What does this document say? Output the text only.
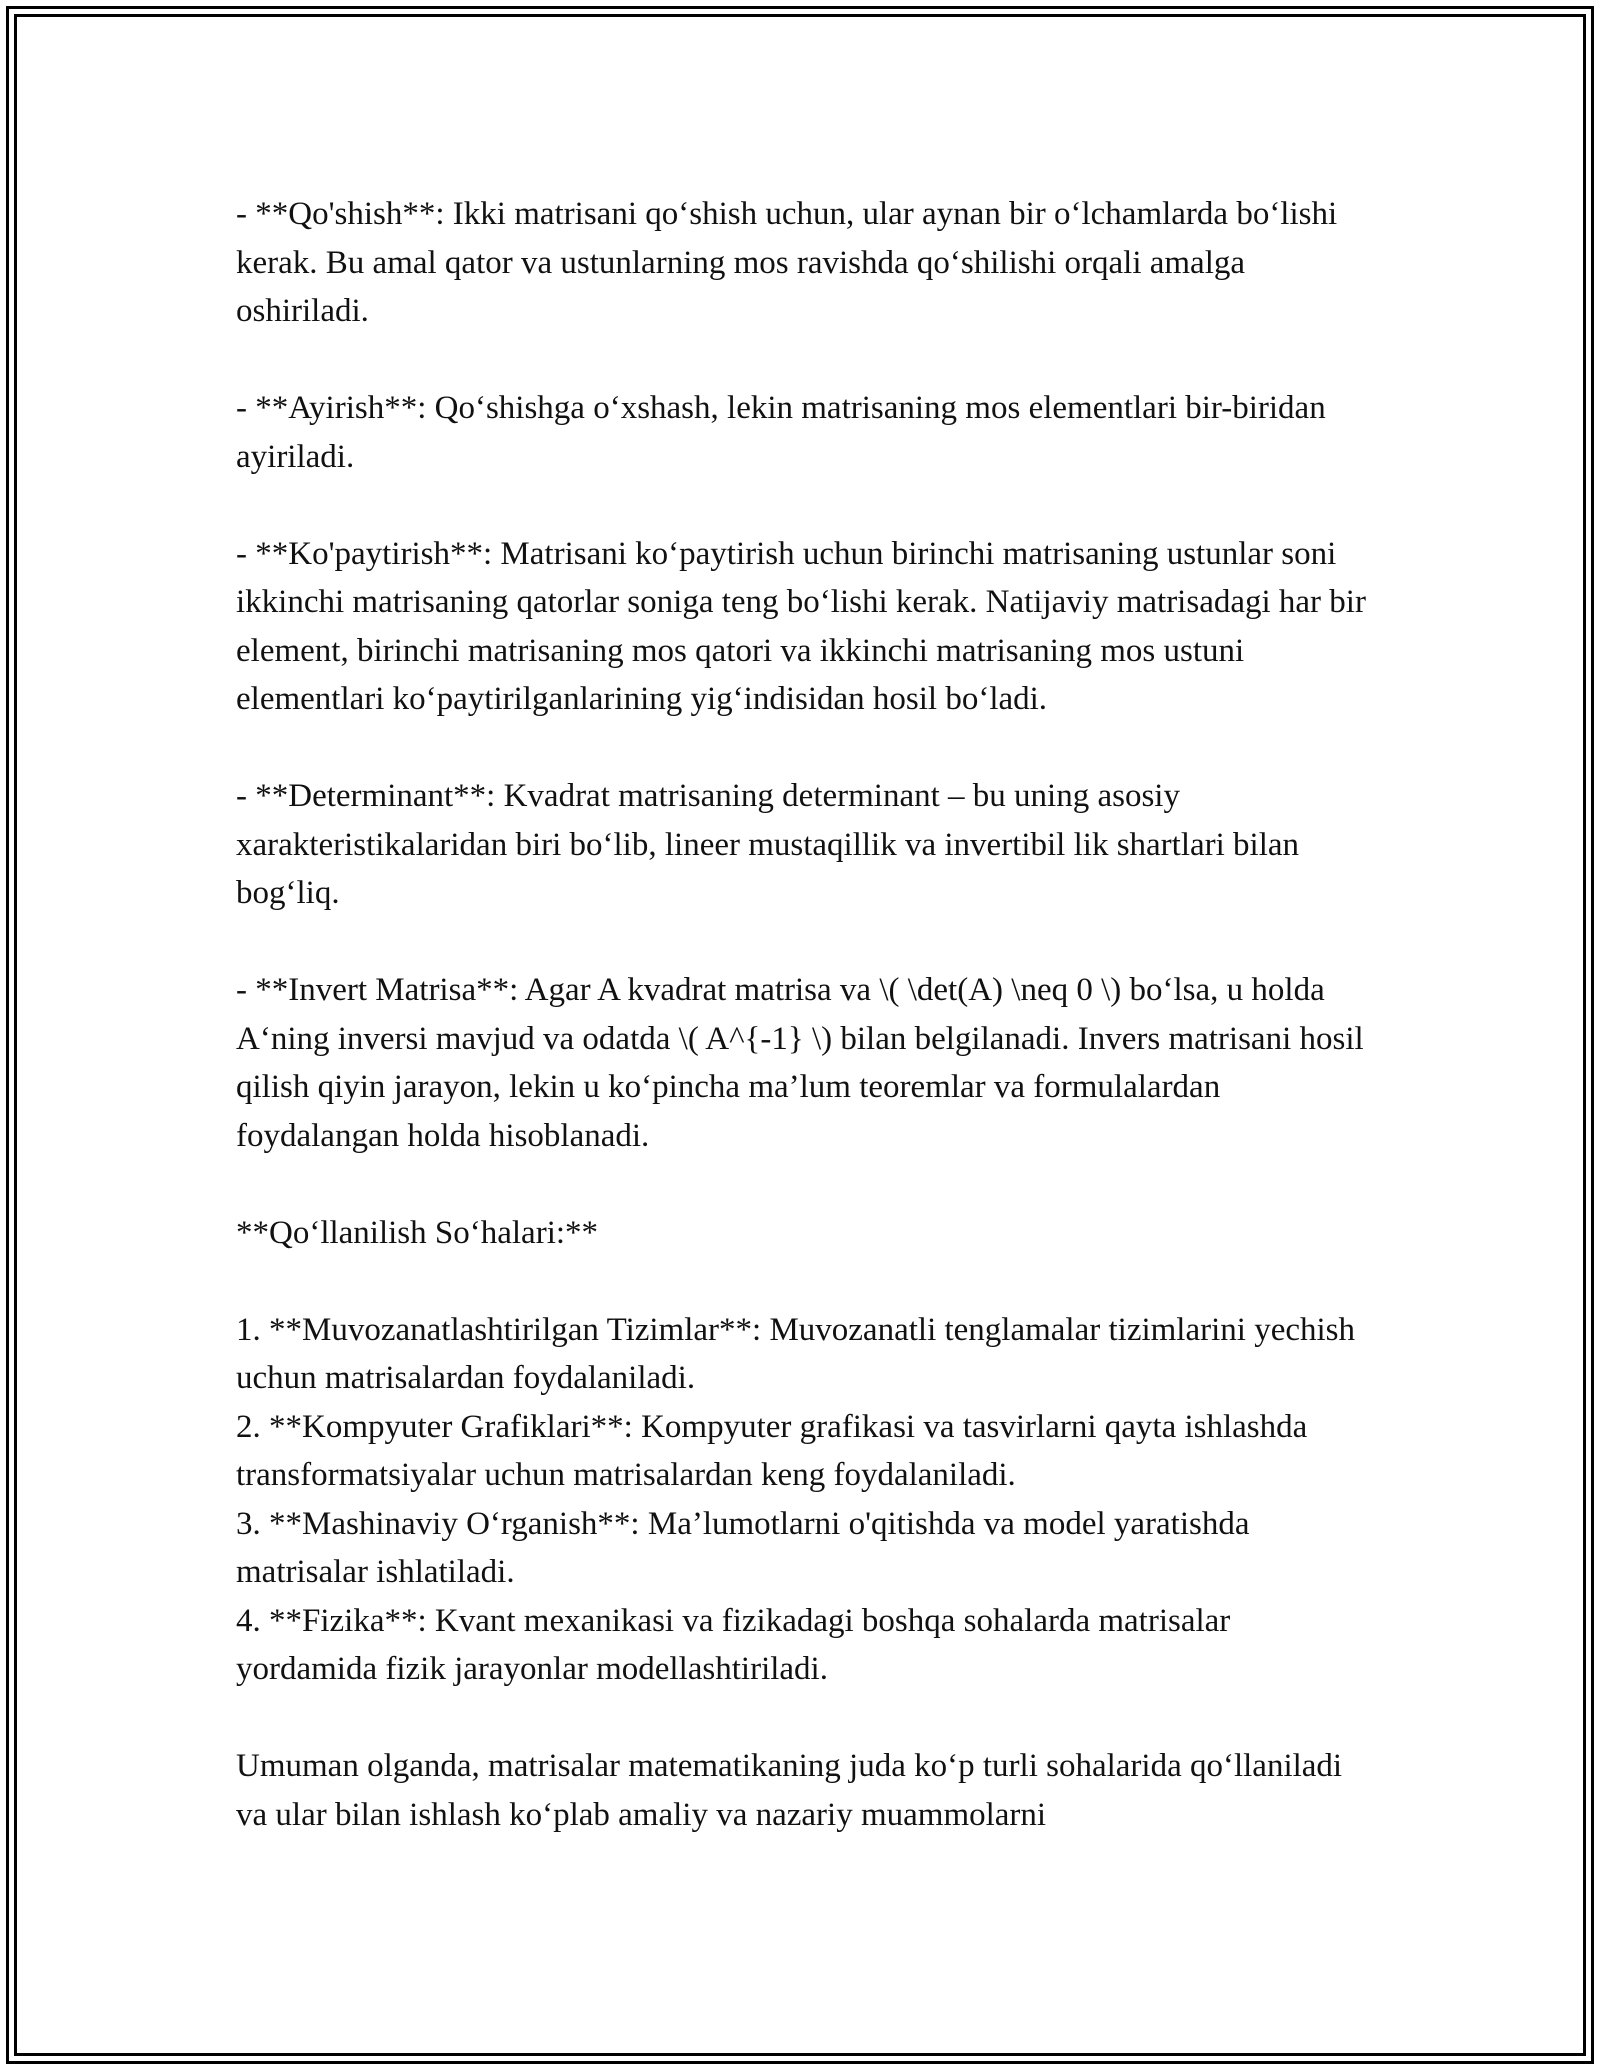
- **Qo'shish**: Ikki matrisani qo‘shish uchun, ular aynan bir o‘lchamlarda bo‘lishi kerak. Bu amal qator va ustunlarning mos ravishda qo‘shilishi orqali amalga oshiriladi.

- **Ayirish**: Qo‘shishga o‘xshash, lekin matrisaning mos elementlari bir-biridan ayiriladi.

- **Ko'paytirish**: Matrisani ko‘paytirish uchun birinchi matrisaning ustunlar soni ikkinchi matrisaning qatorlar soniga teng bo‘lishi kerak. Natijaviy matrisadagi har bir element, birinchi matrisaning mos qatori va ikkinchi matrisaning mos ustuni elementlari ko‘paytirilganlarining yig‘indisidan hosil bo‘ladi.

- **Determinant**: Kvadrat matrisaning determinant – bu uning asosiy xarakteristikalaridan biri bo‘lib, lineer mustaqillik va invertibil lik shartlari bilan bog‘liq.

- **Invert Matrisa**: Agar A kvadrat matrisa va \( \det(A) \neq 0 \) bo‘lsa, u holda A‘ning inversi mavjud va odatda \( A^{-1} \) bilan belgilanadi. Invers matrisani hosil qilish qiyin jarayon, lekin u ko‘pincha ma’lum teoremlar va formulalardan foydalangan holda hisoblanadi.

**Qo‘llanilish So‘halari:**

1. **Muvozanatlashtirilgan Tizimlar**: Muvozanatli tenglamalar tizimlarini yechish uchun matrisalardan foydalaniladi.

2. **Kompyuter Grafiklari**: Kompyuter grafikasi va tasvirlarni qayta ishlashda transformatsiyalar uchun matrisalardan keng foydalaniladi.

3. **Mashinaviy O‘rganish**: Ma’lumotlarni o'qitishda va model yaratishda matrisalar ishlatiladi.

4. **Fizika**: Kvant mexanikasi va fizikadagi boshqa sohalarda matrisalar yordamida fizik jarayonlar modellashtiriladi.

Umuman olganda, matrisalar matematikaning juda ko‘p turli sohalarida qo‘llaniladi va ular bilan ishlash ko‘plab amaliy va nazariy muammolarni
